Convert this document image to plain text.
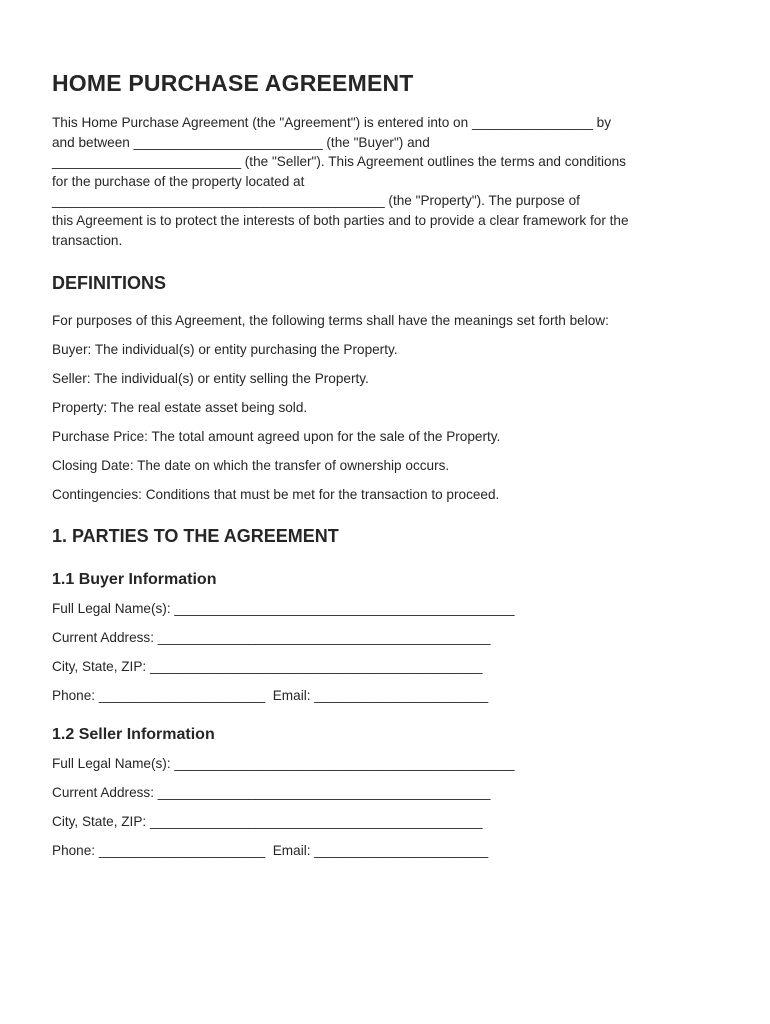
HOME PURCHASE AGREEMENT

This Home Purchase Agreement (the "Agreement") is entered into on ________________ by
and between _________________________ (the "Buyer") and
_________________________ (the "Seller"). This Agreement outlines the terms and conditions
for the purchase of the property located at
____________________________________________ (the "Property"). The purpose of
this Agreement is to protect the interests of both parties and to provide a clear framework for the
transaction.

DEFINITIONS

For purposes of this Agreement, the following terms shall have the meanings set forth below:

Buyer: The individual(s) or entity purchasing the Property.

Seller: The individual(s) or entity selling the Property.

Property: The real estate asset being sold.

Purchase Price: The total amount agreed upon for the sale of the Property.

Closing Date: The date on which the transfer of ownership occurs.

Contingencies: Conditions that must be met for the transaction to proceed.

1. PARTIES TO THE AGREEMENT
1.1 Buyer Information

Full Legal Name(s): _____________________________________________

Current Address: ____________________________________________

City, State, ZIP: ____________________________________________

Phone: ______________________  Email: _______________________

1.2 Seller Information

Full Legal Name(s): _____________________________________________

Current Address: ____________________________________________

City, State, ZIP: ____________________________________________

Phone: ______________________  Email: _______________________
